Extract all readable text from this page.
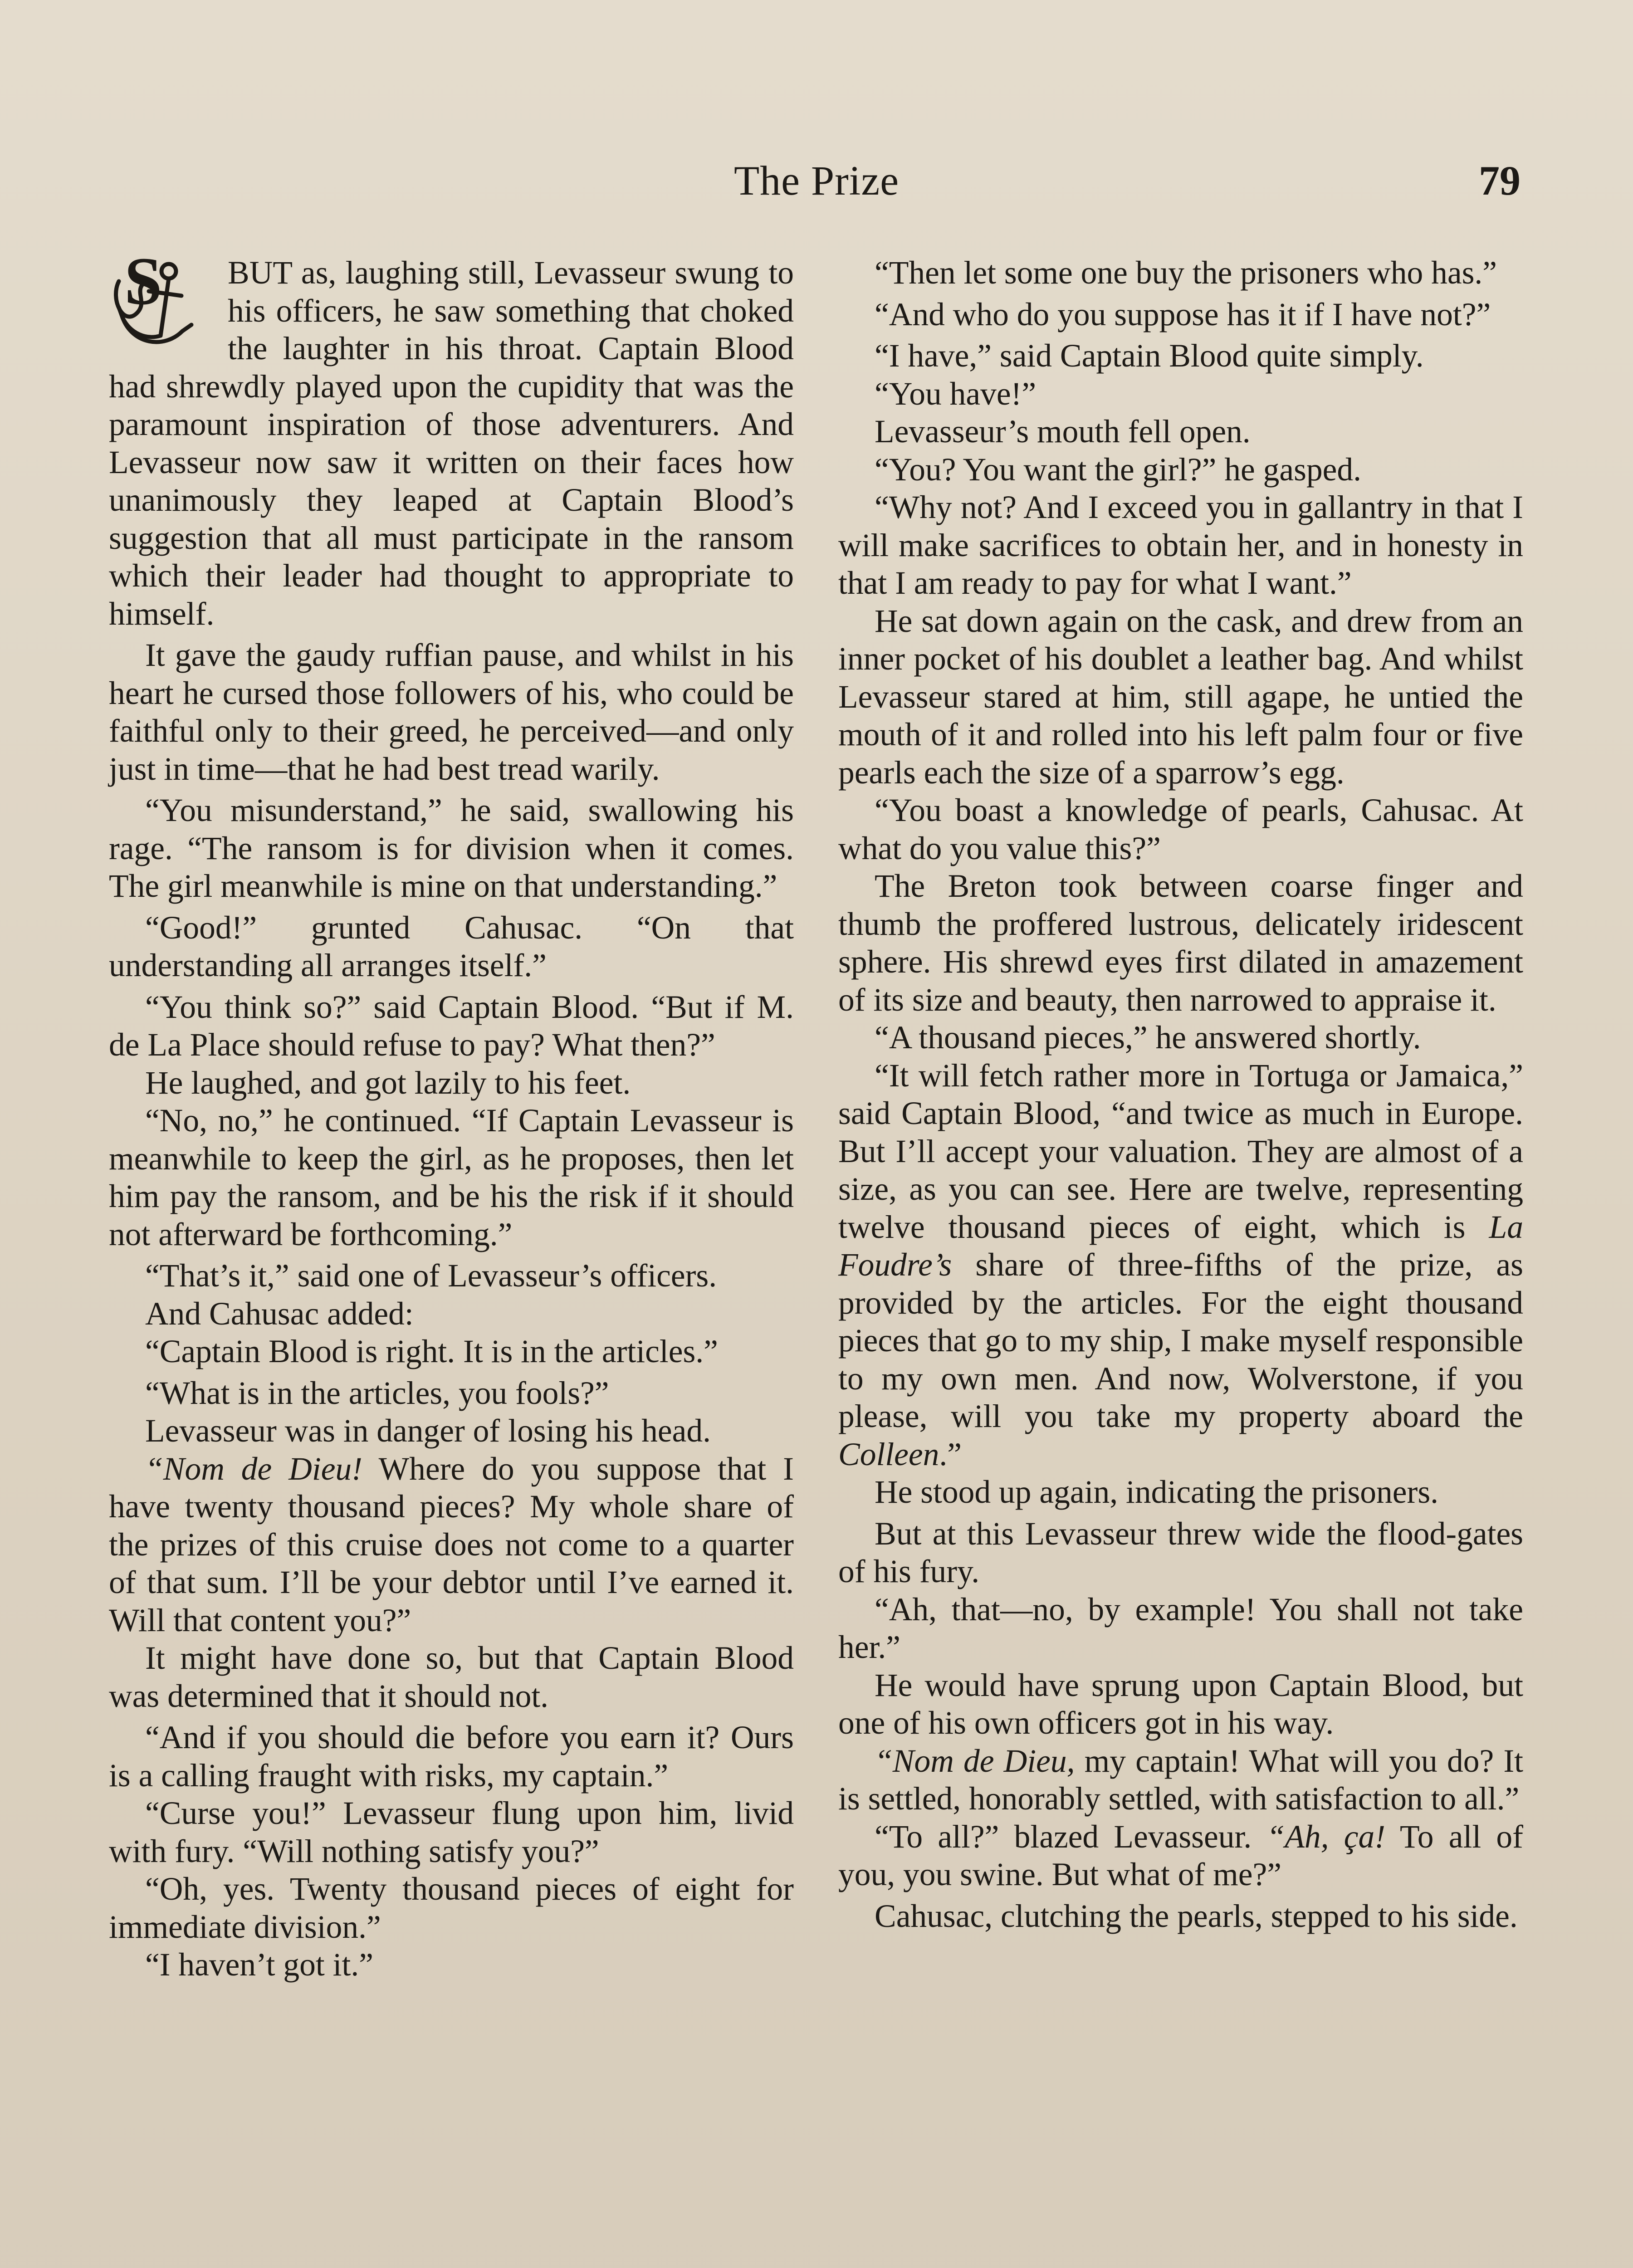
The Prize	79
S	BUT as, laughing still, Levasseur swung to his officers, he saw something that choked the laughter in his throat. Captain Blood had shrewdly played upon the cupidity that was the paramount inspiration of those adventurers. And Levasseur now saw it written on their faces how unanimously they leaped at Captain Blood’s suggestion that all must participate in the ransom which their leader had thought to appropriate to himself.

It gave the gaudy ruffian pause, and whilst in his heart he cursed those followers of his, who could be faithful only to their greed, he perceived—and only just in time—that he had best tread warily.

“You misunderstand,” he said, swallowing his rage. “The ransom is for division when it comes. The girl meanwhile is mine on that understanding.”

“Good!” grunted Cahusac. “On that understanding all arranges itself.”

“You think so?” said Captain Blood. “But if M. de La Place should refuse to pay? What then?”

He laughed, and got lazily to his feet.

“No, no,” he continued. “If Captain Levasseur is meanwhile to keep the girl, as he proposes, then let him pay the ransom, and be his the risk if it should not afterward be forthcoming.”

“That’s it,” said one of Levasseur’s officers.

And Cahusac added:

“Captain Blood is right. It is in the articles.”

“What is in the articles, you fools?”

Levasseur was in danger of losing his head.

“Nom de Dieu! Where do you suppose that I have twenty thousand pieces? My whole share of the prizes of this cruise does not come to a quarter of that sum. I’ll be your debtor until I’ve earned it. Will that content you?”

It might have done so, but that Captain Blood was determined that it should not.

“And if you should die before you earn it? Ours is a calling fraught with risks, my captain.”

“Curse you!” Levasseur flung upon him, livid with fury. “Will nothing satisfy you?”

“Oh, yes. Twenty thousand pieces of eight for immediate division.”

“I haven’t got it.”

“Then let some one buy the prisoners who has.”

“And who do you suppose has it if I have not?”

“I have,” said Captain Blood quite simply.

“You have!”

Levasseur’s mouth fell open.

“You? You want the girl?” he gasped.

“Why not? And I exceed you in gallantry in that I will make sacrifices to obtain her, and in honesty in that I am ready to pay for what I want.”

He sat down again on the cask, and drew from an inner pocket of his doublet a leather bag. And whilst Levasseur stared at him, still agape, he untied the mouth of it and rolled into his left palm four or five pearls each the size of a sparrow’s egg.

“You boast a knowledge of pearls, Cahusac. At what do you value this?”

The Breton took between coarse finger and thumb the proffered lustrous, delicately iridescent sphere. His shrewd eyes first dilated in amazement of its size and beauty, then narrowed to appraise it.

“A thousand pieces,” he answered shortly.

“It will fetch rather more in Tortuga or Jamaica,” said Captain Blood, “and twice as much in Europe. But I’ll accept your valuation. They are almost of a size, as you can see. Here are twelve, representing twelve thousand pieces of eight, which is La Foudre’s share of three-fifths of the prize, as provided by the articles. For the eight thousand pieces that go to my ship, I make myself responsible to my own men. And now, Wolverstone, if you please, will you take my property aboard the Colleen.”

He stood up again, indicating the prisoners.

But at this Levasseur threw wide the flood-gates of his fury.

“Ah, that—no, by example! You shall not take her.”

He would have sprung upon Captain Blood, but one of his own officers got in his way.

“Nom de Dieu, my captain! What will you do? It is settled, honorably settled, with satisfaction to all.”

“To all?” blazed Levasseur. “Ah, ça! To all of you, you swine. But what of me?”

Cahusac, clutching the pearls, stepped to his side.
